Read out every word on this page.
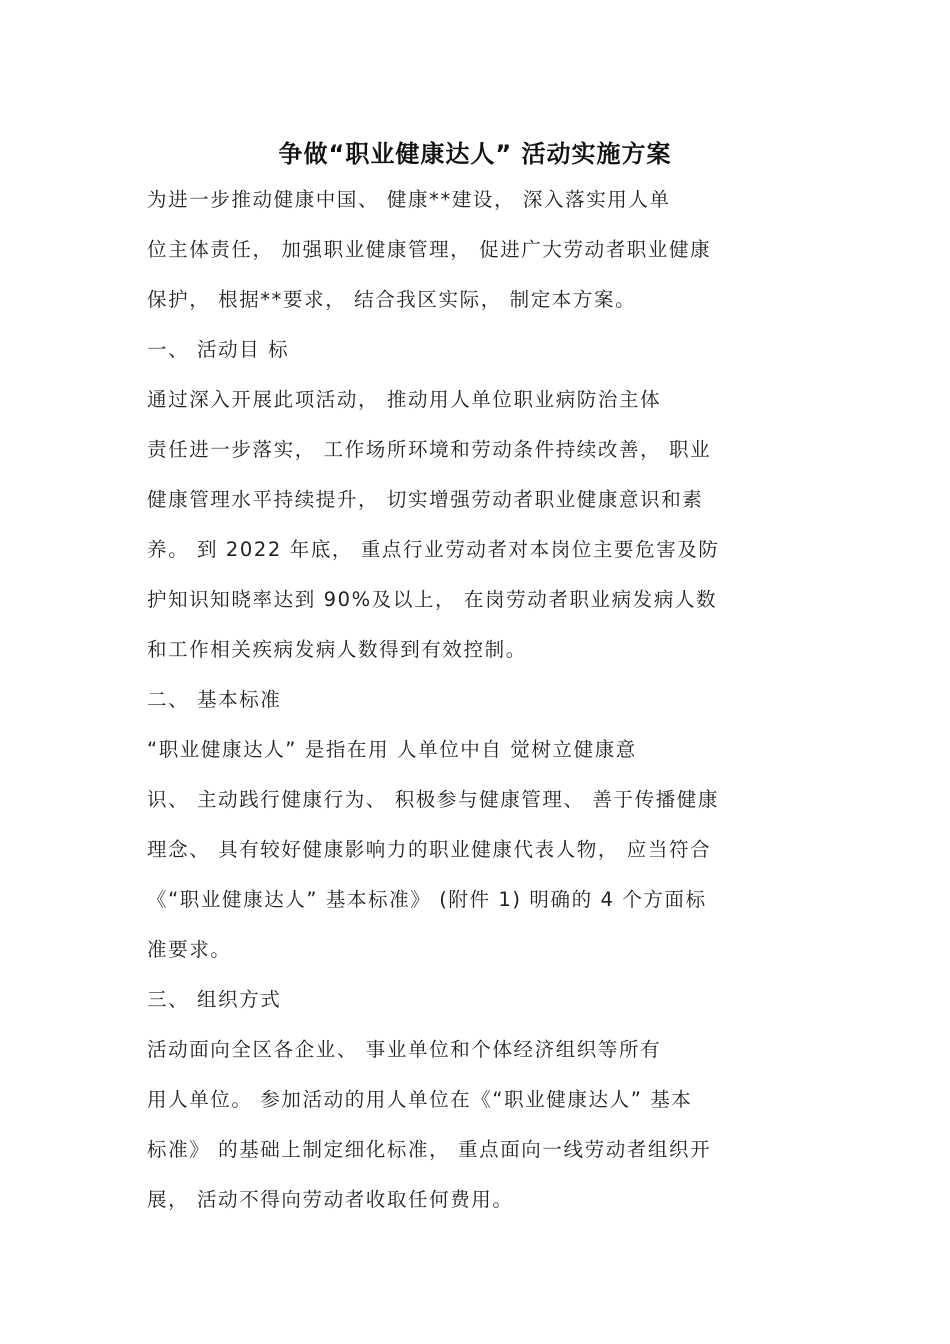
争做“职业健康达人” 活动实施方案
为进一步推动健康中国、 健康**建设， 深入落实用人单
位主体责任， 加强职业健康管理， 促进广大劳动者职业健康
保护， 根据**要求， 结合我区实际， 制定本方案。
一、 活动目 标
通过深入开展此项活动， 推动用人单位职业病防治主体
责任进一步落实， 工作场所环境和劳动条件持续改善， 职业
健康管理水平持续提升， 切实增强劳动者职业健康意识和素
养。 到 2022 年底， 重点行业劳动者对本岗位主要危害及防
护知识知晓率达到 90%及以上， 在岗劳动者职业病发病人数
和工作相关疾病发病人数得到有效控制。
二、 基本标准
“职业健康达人” 是指在用 人单位中自 觉树立健康意
识、 主动践行健康行为、 积极参与健康管理、 善于传播健康
理念、 具有较好健康影响力的职业健康代表人物， 应当符合
《“职业健康达人” 基本标准》 (附件 1) 明确的 4 个方面标
准要求。
三、 组织方式
活动面向全区各企业、 事业单位和个体经济组织等所有
用人单位。 参加活动的用人单位在《“职业健康达人” 基本
标准》 的基础上制定细化标准， 重点面向一线劳动者组织开
展， 活动不得向劳动者收取任何费用。
